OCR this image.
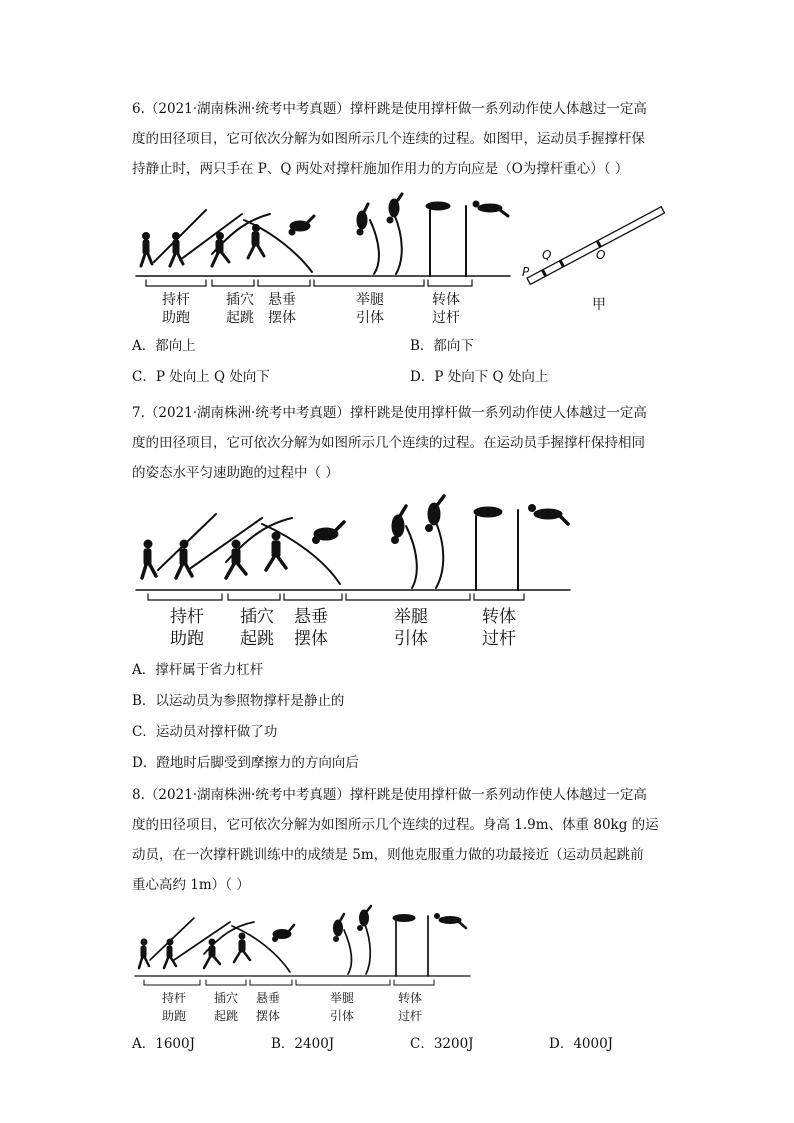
6.（2021·湖南株洲·统考中考真题）撑杆跳是使用撑杆做一系列动作使人体越过一定高

度的田径项目，它可依次分解为如图所示几个连续的过程。如图甲，运动员手握撑杆保

持静止时，两只手在 P、Q 两处对撑杆施加作用力的方向应是（O为撑杆重心）（ ）

持杆
助跑
插穴
起跳
悬垂
摆体
举腿
引体
转体
过杆
P
Q	O
甲
A．都向上	B．都向下
C．P 处向上 Q 处向下	D．P 处向下 Q 处向上

7.（2021·湖南株洲·统考中考真题）撑杆跳是使用撑杆做一系列动作使人体越过一定高

度的田径项目，它可依次分解为如图所示几个连续的过程。在运动员手握撑杆保持相同

的姿态水平匀速助跑的过程中（ ）

持杆
助跑
插穴
起跳
悬垂
摆体
举腿
引体
转体
过杆
A．撑杆属于省力杠杆
B．以运动员为参照物撑杆是静止的
C．运动员对撑杆做了功
D．蹬地时后脚受到摩擦力的方向向后

8.（2021·湖南株洲·统考中考真题）撑杆跳是使用撑杆做一系列动作使人体越过一定高

度的田径项目，它可依次分解为如图所示几个连续的过程。身高 1.9m、体重 80kg 的运

动员，在一次撑杆跳训练中的成绩是 5m，则他克服重力做的功最接近（运动员起跳前

重心高约 1m）（ ）

持杆
助跑
插穴
起跳
悬垂
摆体
举腿
引体
转体
过杆
A．1600J	B．2400J	C．3200J	D．4000J
